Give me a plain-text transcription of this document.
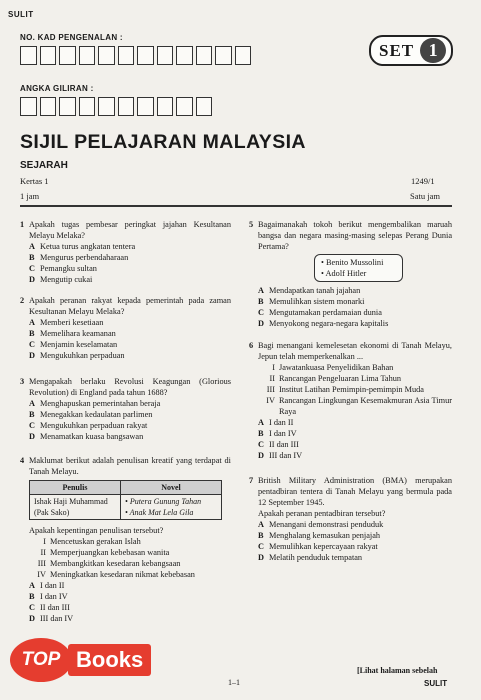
SULIT
NO. KAD PENGENALAN :
SET 1
ANGKA GILIRAN :
SIJIL PELAJARAN MALAYSIA
SEJARAH
Kertas 1
1 jam
1249/1
Satu jam
1 Apakah tugas pembesar peringkat jajahan Kesultanan Melayu Melaka?
A Ketua turus angkatan tentera
B Mengurus perbendaharaan
C Pemangku sultan
D Mengutip cukai
2 Apakah peranan rakyat kepada pemerintah pada zaman Kesultanan Melayu Melaka?
A Memberi kesetiaan
B Memelihara keamanan
C Menjamin keselamatan
D Mengukuhkan perpaduan
3 Mengapakah berlaku Revolusi Keagungan (Glorious Revolution) di England pada tahun 1688?
A Menghapuskan pemerintahan beraja
B Menegakkan kedaulatan parlimen
C Mengukuhkan perpaduan rakyat
D Menamatkan kuasa bangsawan
4 Maklumat berikut adalah penulisan kreatif yang terdapat di Tanah Melayu.
Penulis	Novel
Ishak Haji Muhammad (Pak Sako)	• Putera Gunung Tahan
• Anak Mat Lela Gila
Apakah kepentingan penulisan tersebut?
I Mencetuskan gerakan Islah
II Memperjuangkan kebebasan wanita
III Membangkitkan kesedaran kebangsaan
IV Meningkatkan kesedaran nikmat kebebasan
A I dan II
B I dan IV
C II dan III
D III dan IV
5 Bagaimanakah tokoh berikut mengembalikan maruah bangsa dan negara masing-masing selepas Perang Dunia Pertama?
• Benito Mussolini
• Adolf Hitler
A Mendapatkan tanah jajahan
B Memulihkan sistem monarki
C Mengutamakan perdamaian dunia
D Menyokong negara-negara kapitalis
6 Bagi menangani kemelesetan ekonomi di Tanah Melayu, Jepun telah memperkenalkan ...
I Jawatankuasa Penyelidikan Bahan
II Rancangan Pengeluaran Lima Tahun
III Institut Latihan Pemimpin-pemimpin Muda
IV Rancangan Lingkungan Kesemakmuran Asia Timur Raya
A I dan II
B I dan IV
C II dan III
D III dan IV
7 British Military Administration (BMA) merupakan pentadbiran tentera di Tanah Melayu yang bermula pada 12 September 1945.
Apakah peranan pentadbiran tersebut?
A Menangani demonstrasi penduduk
B Menghalang kemasukan penjajah
C Memulihkan kepercayaan rakyat
D Melatih penduduk tempatan
TOP Books
1–1
[Lihat halaman sebelah
SULIT
